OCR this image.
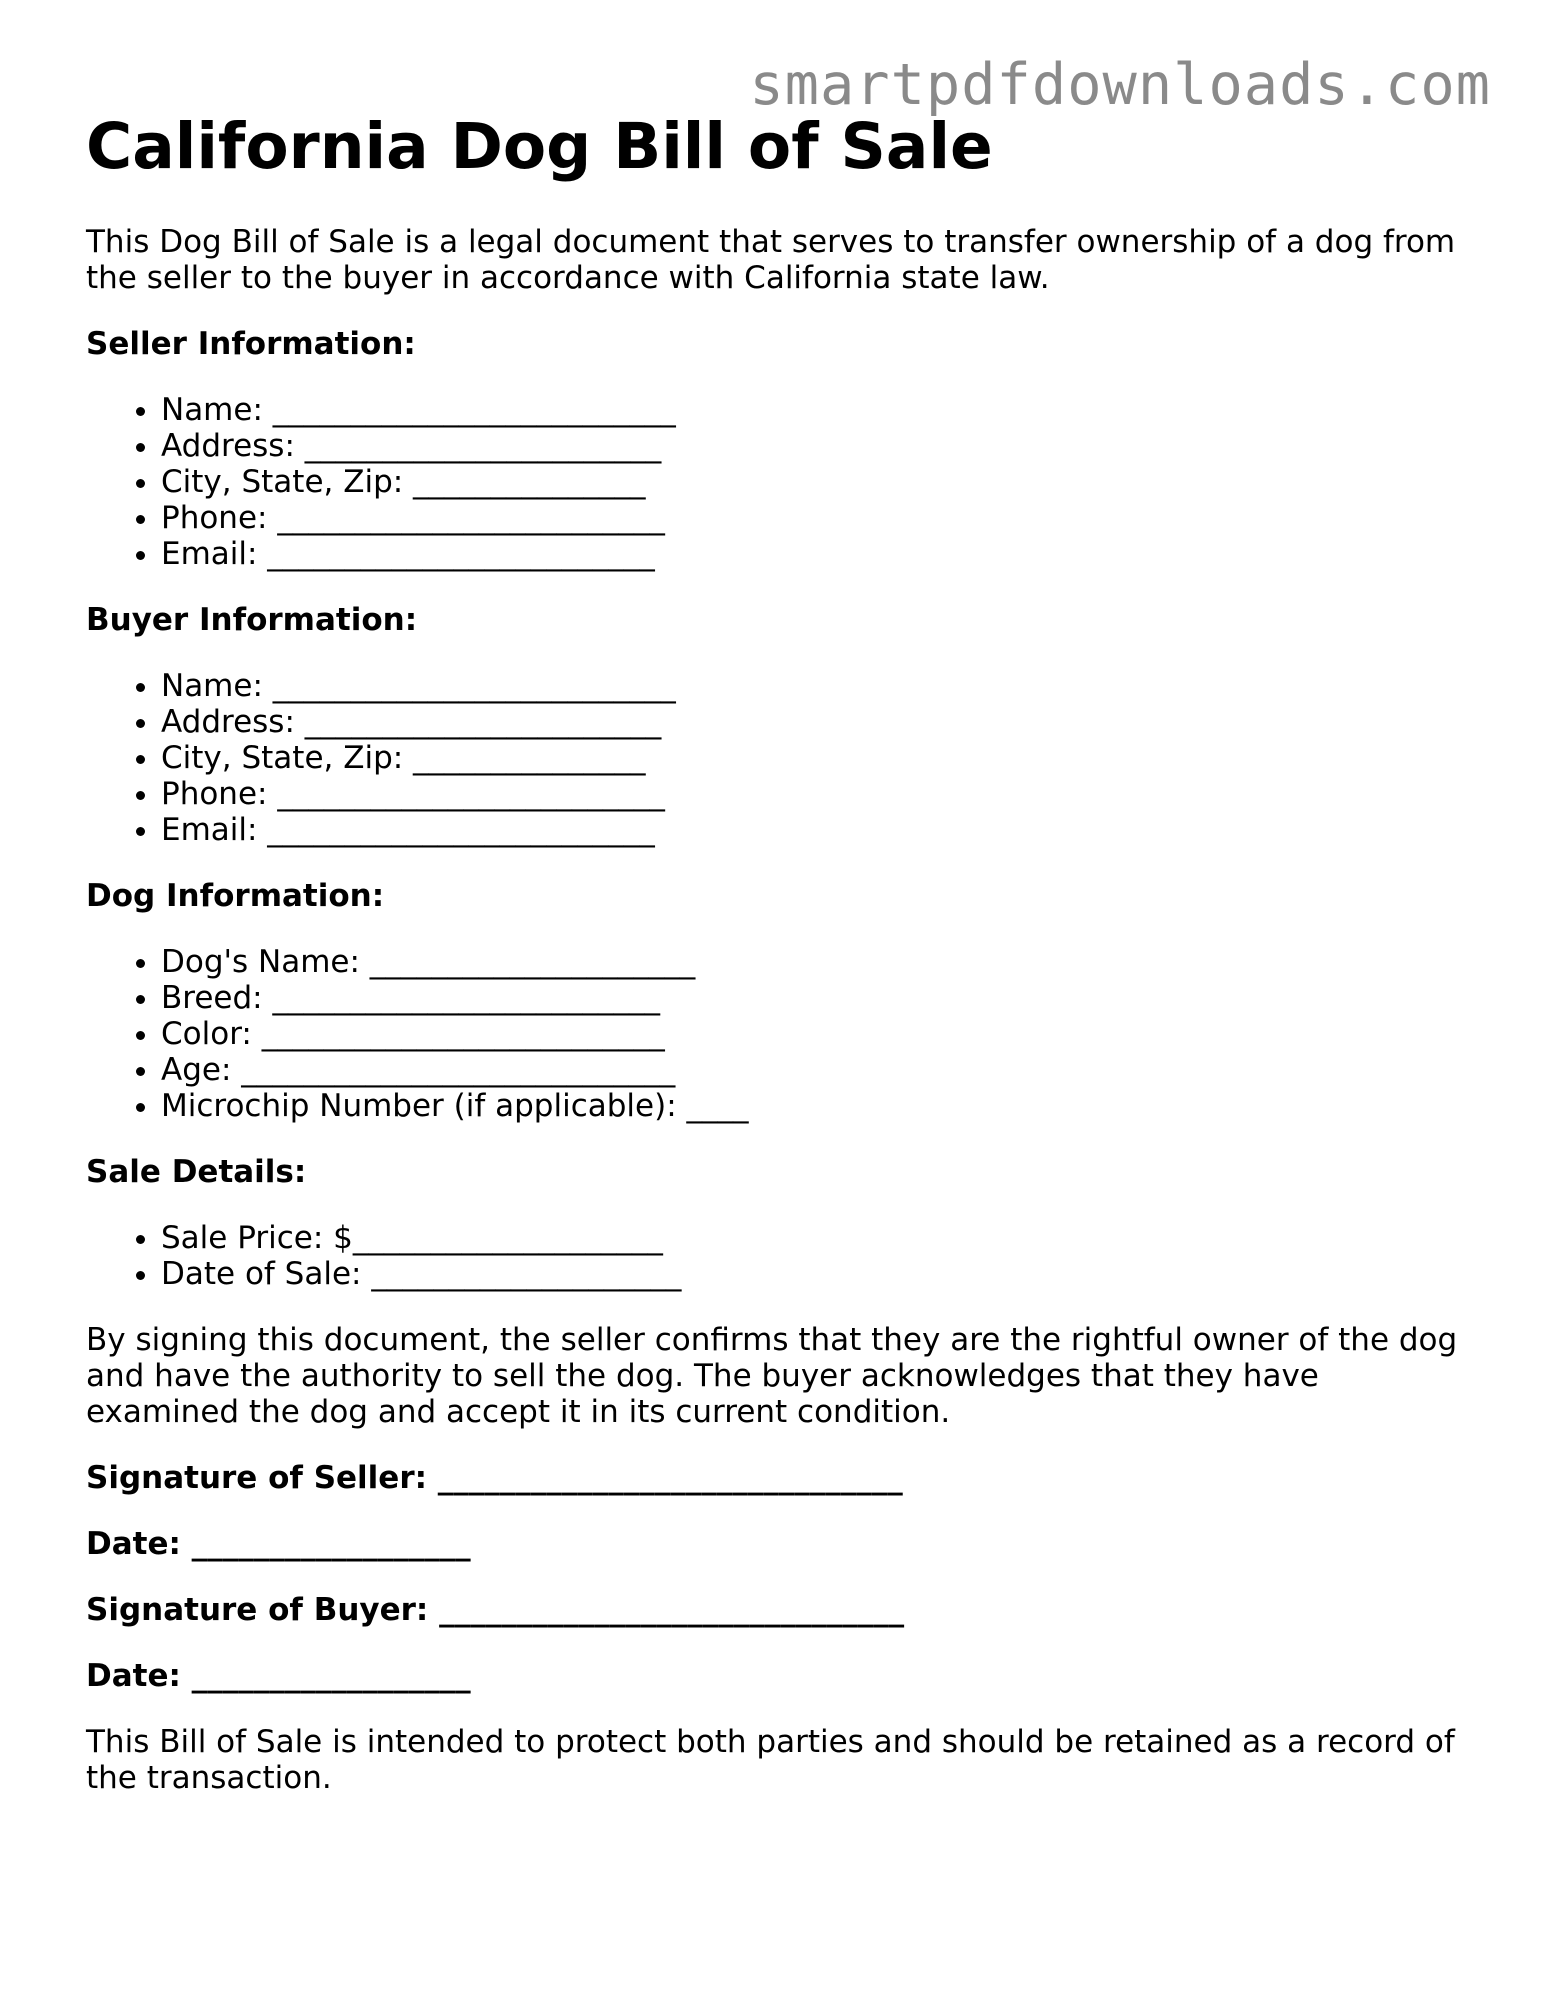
smartpdfdownloads.com
California Dog Bill of Sale

This Dog Bill of Sale is a legal document that serves to transfer ownership of a dog from the seller to the buyer in accordance with California state law.

Seller Information:
• Name: __________________________
• Address: _______________________
• City, State, Zip: _______________
• Phone: _________________________
• Email: _________________________
Buyer Information:
• Name: __________________________
• Address: _______________________
• City, State, Zip: _______________
• Phone: _________________________
• Email: _________________________
Dog Information:
• Dog's Name: _____________________
• Breed: _________________________
• Color: __________________________
• Age: ____________________________
• Microchip Number (if applicable): ____
Sale Details:
• Sale Price: $____________________
• Date of Sale: ____________________

By signing this document, the seller confirms that they are the rightful owner of the dog and have the authority to sell the dog. The buyer acknowledges that they have examined the dog and accept it in its current condition.

Signature of Seller: ______________________________
Date: __________________
Signature of Buyer: ______________________________
Date: __________________

This Bill of Sale is intended to protect both parties and should be retained as a record of the transaction.
